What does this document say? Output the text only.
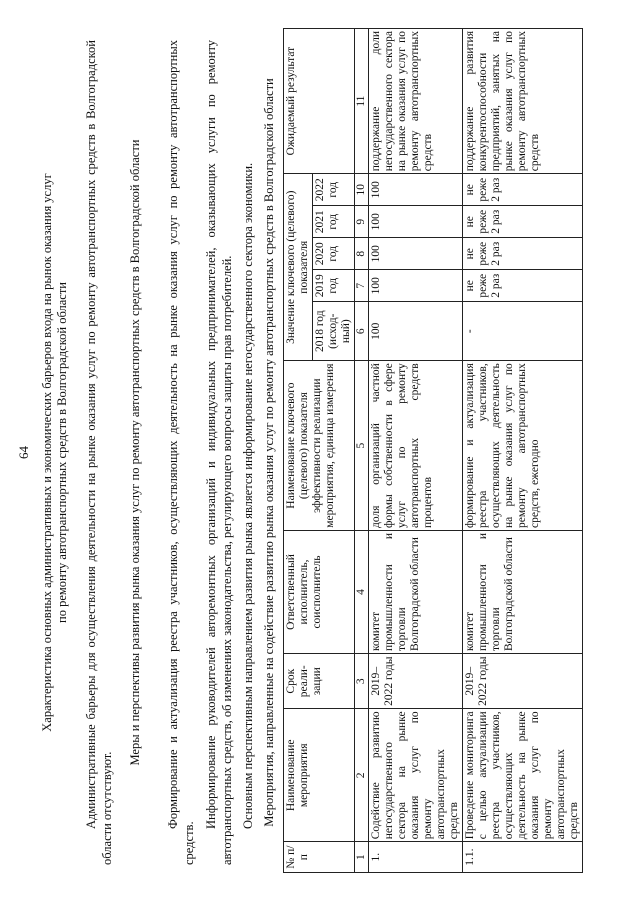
64 Характеристика основных административных и экономических барьеров входа на рынок оказания услуг по ремонту автотранспортных средств в Волгоградской области Административные барьеры для осуществления деятельности на рынке оказания услуг по ремонту автотранспортных средств в Волгоградской области отсутствуют.
Меры и перспективы развития рынка оказания услуг по ремонту автотранспортных средств в Волгоградской области Формирование и актуализация реестра участников, осуществляющих деятельность на рынке оказания услуг по ремонту автотранспортных средств.
Информирование руководителей авторемонтных организаций и индивидуальных предпринимателей, оказывающих услуги по ремонту автотранспортных средств, об изменениях законодательства, регулирующего вопросы защиты прав потребителей. Основным перспективным направлением развития рынка является информирование негосударственного сектора экономики. Мероприятия, направленные на содействие развитию рынка оказания услуг по ремонту автотранспортных средств в Волгоградской области
№ п/п	Наименование мероприятия	Срок реали-зации	Ответственный исполнитель, соисполнитель	Наименование ключевого (целевого) показателя эффективности реализации мероприятия, единица измерения	Значение ключевого (целевого) показателя					Ожидаемый результат
					2018 год (исход-ный)	2019 год	2020 год	2021 год	2022 год	
1	2	3	4	5	6	7	8	9	10	11
1.	Содействие развитию негосударственного сектора на рынке оказания услуг по ремонту автотранспортных средств	2019–2022 годы	комитет промышленности и торговли Волгоградской области	доля организаций частной формы собственности в сфере услуг по ремонту автотранспортных средств процентов	100	100	100	100	100	поддержание доли негосударственного сектора на рынке оказания услуг по ремонту автотранспортных средств
1.1.	Проведение мониторинга с целью актуализации реестра участников, осуществляющих деятельность на рынке оказания услуг по ремонту автотранспортных средств	2019–2022 годы	комитет промышленности и торговли Волгоградской области	формирование и актуализация реестра участников, осуществляющих деятельность на рынке оказания услуг по ремонту автотранспортных средств, ежегодно	-	не реже 2 раз	не реже 2 раз	не реже 2 раз	не реже 2 раз	поддержание развития конкурентоспособности предприятий, занятых на рынке оказания услуг по ремонту автотранспортных средств
